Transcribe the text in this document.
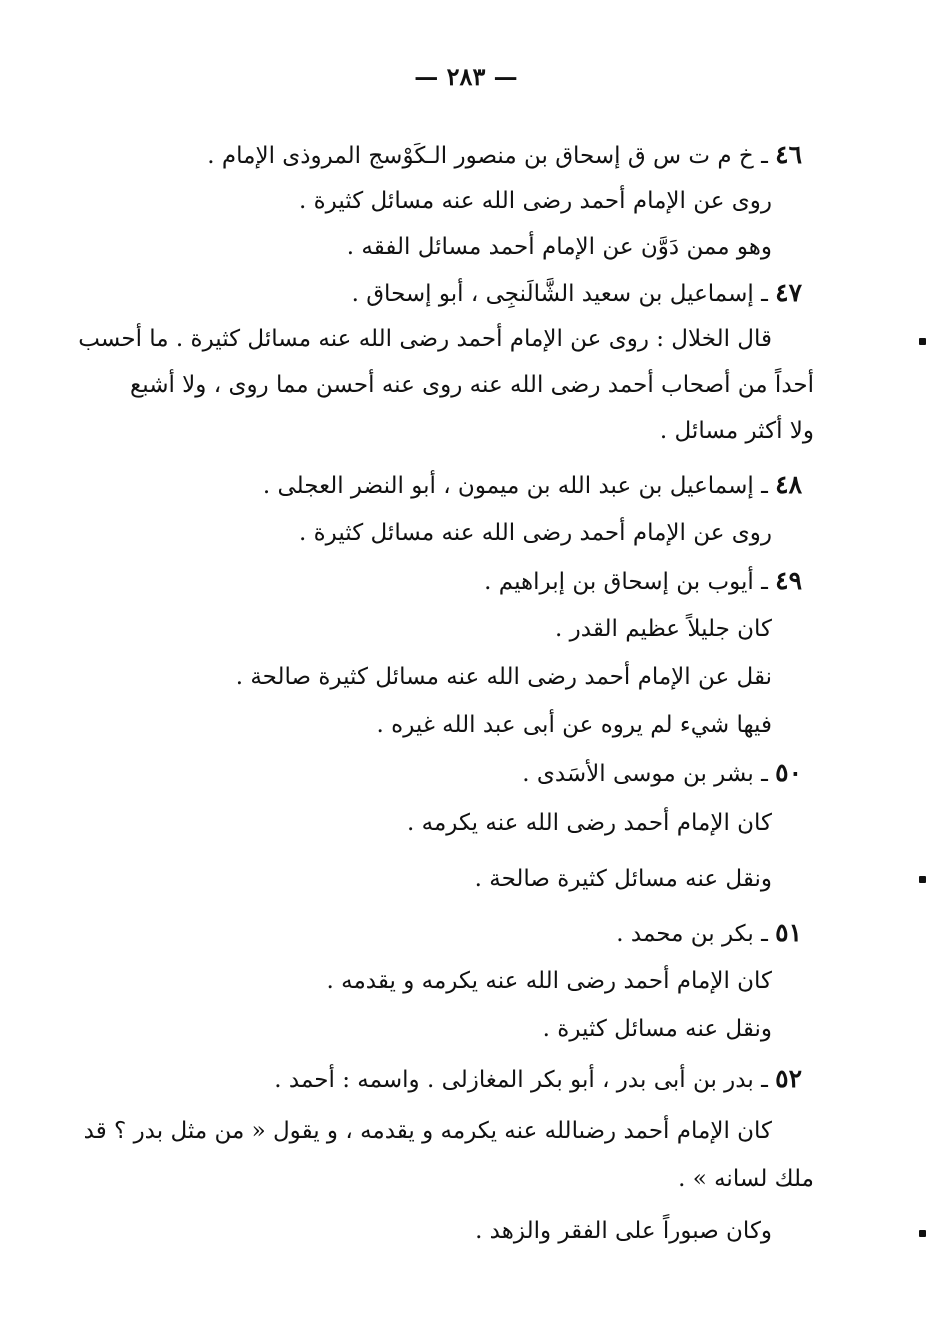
— ٢٨٣ —
٤٦ ـ خ م ت س ق إسحاق بن منصور الـكَوْسج المروذى الإمام .
روى عن الإمام أحمد رضى الله عنه مسائل كثيرة .
وهو ممن دَوَّن عن الإمام أحمد مسائل الفقه .
٤٧ ـ إسماعيل بن سعيد الشَّالَنجِى ، أبو إسحاق .
قال الخلال : روى عن الإمام أحمد رضى الله عنه مسائل كثيرة . ما أحسب
أحداً من أصحاب أحمد رضى الله عنه روى عنه أحسن مما روى ، ولا أشبع
ولا أكثر مسائل .
٤٨ ـ إسماعيل بن عبد الله بن ميمون ، أبو النضر العجلى .
روى عن الإمام أحمد رضى الله عنه مسائل كثيرة .
٤٩ ـ أيوب بن إسحاق بن إبراهيم .
كان جليلاً عظيم القدر .
نقل عن الإمام أحمد رضى الله عنه مسائل كثيرة صالحة .
فيها شيء لم يروه عن أبى عبد الله غيره .
٥٠ ـ بشر بن موسى الأسَدى .
كان الإمام أحمد رضى الله عنه يكرمه .
ونقل عنه مسائل كثيرة صالحة .
٥١ ـ بكر بن محمد .
كان الإمام أحمد رضى الله عنه يكرمه و يقدمه .
ونقل عنه مسائل كثيرة .
٥٢ ـ بدر بن أبى بدر ، أبو بكر المغازلى . واسمه : أحمد .
كان الإمام أحمد رضىالله عنه يكرمه و يقدمه ، و يقول « من مثل بدر ؟ قد
ملك لسانه » .
وكان صبوراً على الفقر والزهد .
